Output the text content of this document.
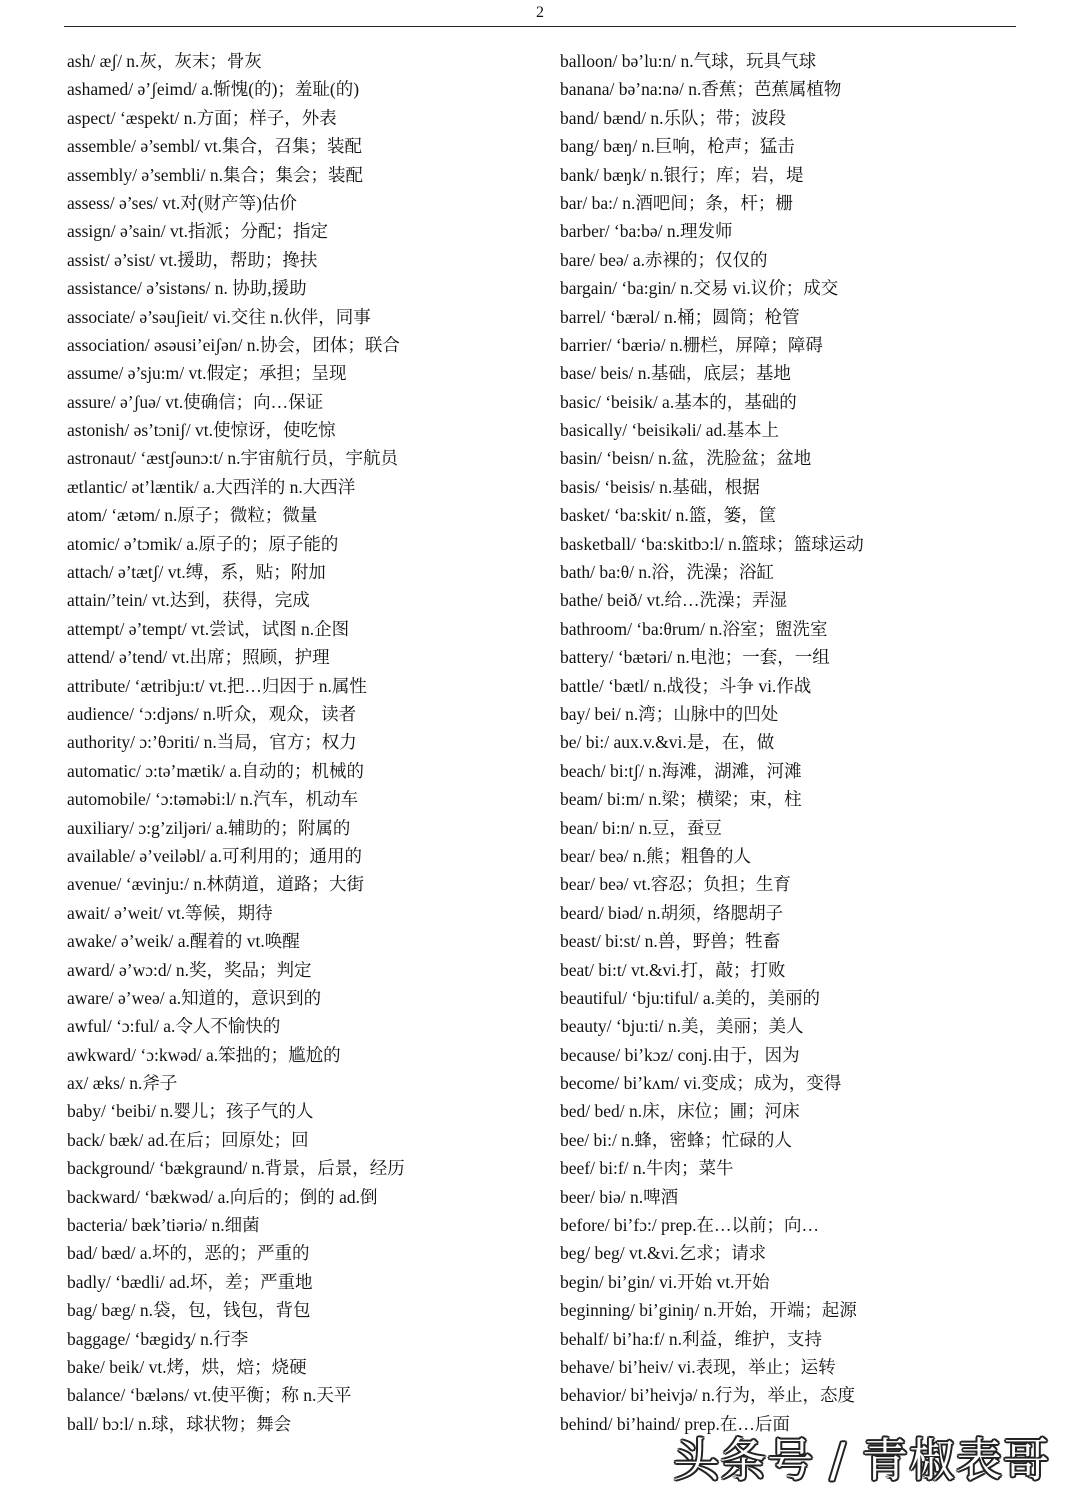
2
ash/ æʃ/ n.灰，灰末；骨灰
ashamed/ ə’ʃeimd/ a.惭愧(的)；羞耻(的)
aspect/ ‘æspekt/ n.方面；样子，外表
assemble/ ə’sembl/ vt.集合，召集；装配
assembly/ ə’sembli/ n.集合；集会；装配
assess/ ə’ses/ vt.对(财产等)估价
assign/ ə’sain/ vt.指派；分配；指定
assist/ ə’sist/ vt.援助，帮助；搀扶
assistance/ ə’sistəns/ n. 协助,援助
associate/ ə’səuʃieit/ vi.交往 n.伙伴，同事
association/ əsəusi’eiʃən/ n.协会，团体；联合
assume/ ə’sju:m/ vt.假定；承担；呈现
assure/ ə’ʃuə/ vt.使确信；向…保证
astonish/ əs’tɔniʃ/ vt.使惊讶，使吃惊
astronaut/ ‘æstʃəunɔ:t/ n.宇宙航行员，宇航员
ætlantic/ ət’læntik/ a.大西洋的 n.大西洋
atom/ ‘ætəm/ n.原子；微粒；微量
atomic/ ə’tɔmik/ a.原子的；原子能的
attach/ ə’tætʃ/ vt.缚，系，贴；附加
attain/’tein/ vt.达到，获得，完成
attempt/ ə’tempt/ vt.尝试，试图 n.企图
attend/ ə’tend/ vt.出席；照顾，护理
attribute/ ‘ætribju:t/ vt.把…归因于 n.属性
audience/ ‘ɔ:djəns/ n.听众，观众，读者
authority/ ɔ:’θɔriti/ n.当局，官方；权力
automatic/ ɔ:tə’mætik/ a.自动的；机械的
automobile/ ‘ɔ:təməbi:l/ n.汽车，机动车
auxiliary/ ɔ:g’ziljəri/ a.辅助的；附属的
available/ ə’veiləbl/ a.可利用的；通用的
avenue/ ‘ævinju:/ n.林荫道，道路；大街
await/ ə’weit/ vt.等候，期待
awake/ ə’weik/ a.醒着的 vt.唤醒
award/ ə’wɔ:d/ n.奖，奖品；判定
aware/ ə’weə/ a.知道的，意识到的
awful/ ‘ɔ:ful/ a.令人不愉快的
awkward/ ‘ɔ:kwəd/ a.笨拙的；尴尬的
ax/ æks/ n.斧子
baby/ ‘beibi/ n.婴儿；孩子气的人
back/ bæk/ ad.在后；回原处；回
background/ ‘bækgraund/ n.背景，后景，经历
backward/ ‘bækwəd/ a.向后的；倒的 ad.倒
bacteria/ bæk’tiəriə/ n.细菌
bad/ bæd/ a.坏的，恶的；严重的
badly/ ‘bædli/ ad.坏，差；严重地
bag/ bæg/ n.袋，包，钱包，背包
baggage/ ‘bægidʒ/ n.行李
bake/ beik/ vt.烤，烘，焙；烧硬
balance/ ‘bæləns/ vt.使平衡；称 n.天平
ball/ bɔ:l/ n.球，球状物；舞会
balloon/ bə’lu:n/ n.气球，玩具气球
banana/ bə’na:nə/ n.香蕉；芭蕉属植物
band/ bænd/ n.乐队；带；波段
bang/ bæŋ/ n.巨响，枪声；猛击
bank/ bæŋk/ n.银行；库；岩，堤
bar/ ba:/ n.酒吧间；条，杆；栅
barber/ ‘ba:bə/ n.理发师
bare/ beə/ a.赤裸的；仅仅的
bargain/ ‘ba:gin/ n.交易 vi.议价；成交
barrel/ ‘bærəl/ n.桶；圆筒；枪管
barrier/ ‘bæriə/ n.栅栏，屏障；障碍
base/ beis/ n.基础，底层；基地
basic/ ‘beisik/ a.基本的，基础的
basically/ ‘beisikəli/ ad.基本上
basin/ ‘beisn/ n.盆，洗脸盆；盆地
basis/ ‘beisis/ n.基础，根据
basket/ ‘ba:skit/ n.篮，篓，筐
basketball/ ‘ba:skitbɔ:l/ n.篮球；篮球运动
bath/ ba:θ/ n.浴，洗澡；浴缸
bathe/ beið/ vt.给…洗澡；弄湿
bathroom/ ‘ba:θrum/ n.浴室；盥洗室
battery/ ‘bætəri/ n.电池；一套，一组
battle/ ‘bætl/ n.战役；斗争 vi.作战
bay/ bei/ n.湾；山脉中的凹处
be/ bi:/ aux.v.&vi.是，在，做
beach/ bi:tʃ/ n.海滩，湖滩，河滩
beam/ bi:m/ n.梁；横梁；束，柱
bean/ bi:n/ n.豆，蚕豆
bear/ beə/ n.熊；粗鲁的人
bear/ beə/ vt.容忍；负担；生育
beard/ biəd/ n.胡须，络腮胡子
beast/ bi:st/ n.兽，野兽；牲畜
beat/ bi:t/ vt.&vi.打，敲；打败
beautiful/ ‘bju:tiful/ a.美的，美丽的
beauty/ ‘bju:ti/ n.美，美丽；美人
because/ bi’kɔz/ conj.由于，因为
become/ bi’kʌm/ vi.变成；成为，变得
bed/ bed/ n.床，床位；圃；河床
bee/ bi:/ n.蜂，密蜂；忙碌的人
beef/ bi:f/ n.牛肉；菜牛
beer/ biə/ n.啤酒
before/ bi’fɔ:/ prep.在…以前；向…
beg/ beg/ vt.&vi.乞求；请求
begin/ bi’gin/ vi.开始 vt.开始
beginning/ bi’giniŋ/ n.开始，开端；起源
behalf/ bi’ha:f/ n.利益，维护，支持
behave/ bi’heiv/ vi.表现，举止；运转
behavior/ bi’heivjə/ n.行为，举止，态度
behind/ bi’haind/ prep.在…后面
头条号 / 青椒表哥
